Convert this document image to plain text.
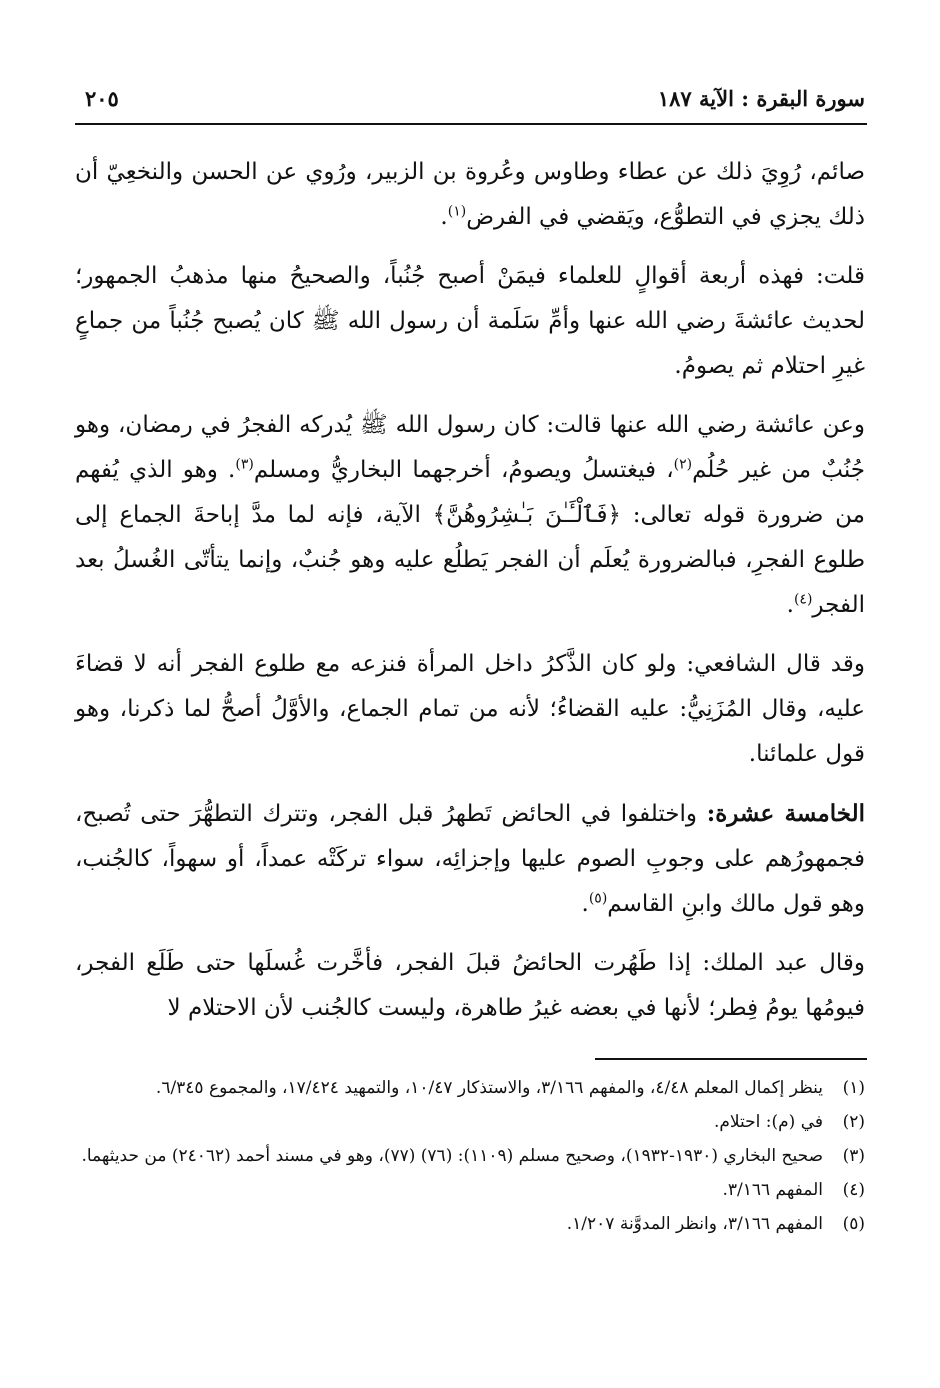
سورة البقرة : الآية ١٨٧
٢٠٥

صائم، رُوِيَ ذلك عن عطاء وطاوس وعُروة بن الزبير، ورُوي عن الحسن والنخعِيّ أن ذلك يجزي في التطوُّع، ويَقضي في الفرض$^{(١)}$.

قلت: فهذه أربعة أقوالٍ للعلماء فيمَنْ أصبح جُنُباً، والصحيحُ منها مذهبُ الجمهور؛ لحديث عائشةَ رضي الله عنها وأمِّ سَلَمة أن رسول الله ﷺ كان يُصبح جُنُباً من جماعٍ غيرِ احتلام ثم يصومُ.

وعن عائشة رضي الله عنها قالت: كان رسول الله ﷺ يُدركه الفجرُ في رمضان، وهو جُنُبٌ من غير حُلُم$^{(٢)}$، فيغتسلُ ويصومُ، أخرجهما البخاريُّ ومسلم$^{(٣)}$. وهو الذي يُفهم من ضرورة قوله تعالى: ﴿فَٱلْـَٔـٰنَ بَـٰشِرُوهُنَّ﴾ الآية، فإنه لما مدَّ إباحةَ الجماع إلى طلوع الفجرِ، فبالضرورة يُعلَم أن الفجر يَطلُع عليه وهو جُنبٌ، وإنما يتأتّى الغُسلُ بعد الفجر$^{(٤)}$.

وقد قال الشافعي: ولو كان الذَّكرُ داخل المرأة فنزعه مع طلوع الفجر أنه لا قضاءَ عليه، وقال المُزَنِيُّ: عليه القضاءُ؛ لأنه من تمام الجماع، والأوَّلُ أصحُّ لما ذكرنا، وهو قول علمائنا.

الخامسة عشرة: واختلفوا في الحائض تَطهرُ قبل الفجر، وتترك التطهُّرَ حتى تُصبح، فجمهورُهم على وجوبِ الصوم عليها وإجزائِه، سواء تركَتْه عمداً، أو سهواً، كالجُنب، وهو قول مالك وابنِ القاسم$^{(٥)}$.

وقال عبد الملك: إذا طَهُرت الحائضُ قبلَ الفجر، فأخَّرت غُسلَها حتى طَلَع الفجر، فيومُها يومُ فِطر؛ لأنها في بعضه غيرُ طاهرة، وليست كالجُنب لأن الاحتلام لا

(١)
ينظر إكمال المعلم ٤/٤٨، والمفهم ٣/١٦٦، والاستذكار ١٠/٤٧، والتمهيد ١٧/٤٢٤، والمجموع ٦/٣٤٥.
(٢)
في (م): احتلام.
(٣)
صحيح البخاري (١٩٣٠-١٩٣٢)، وصحيح مسلم (١١٠٩): (٧٦) (٧٧)، وهو في مسند أحمد (٢٤٠٦٢) من حديثهما.
(٤)
المفهم ٣/١٦٦.
(٥)
المفهم ٣/١٦٦، وانظر المدوَّنة ١/٢٠٧.
